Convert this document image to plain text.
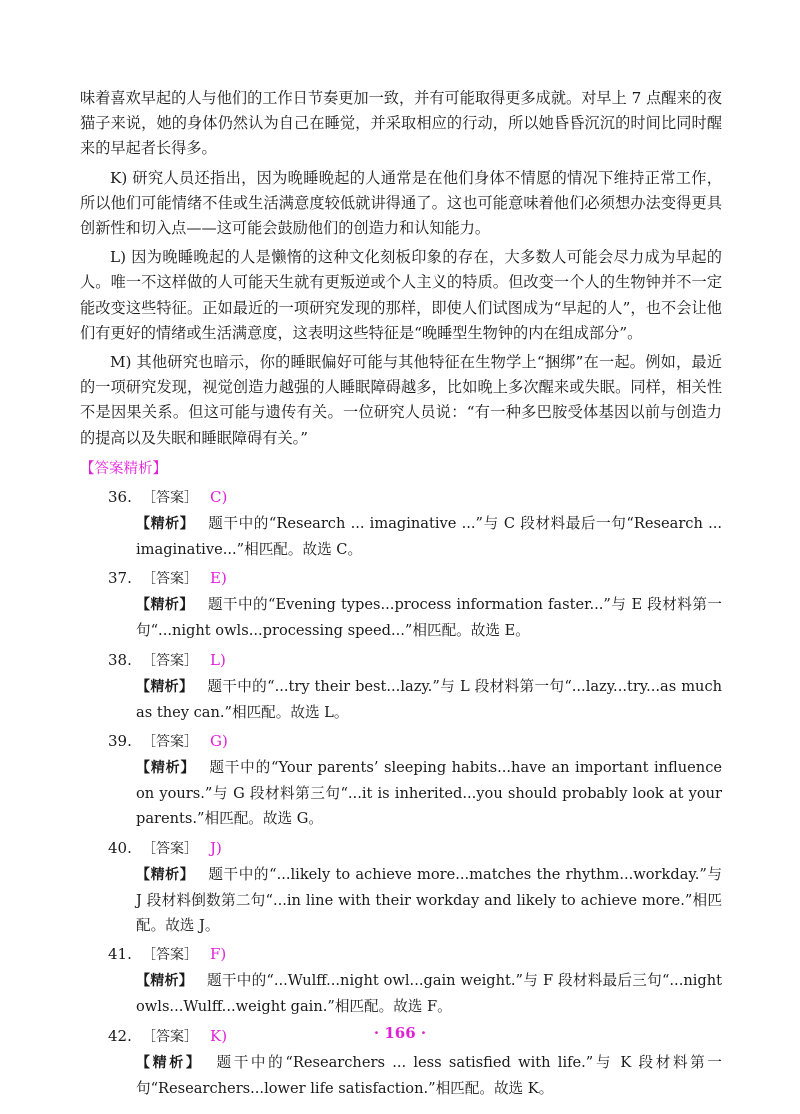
味着喜欢早起的人与他们的工作日节奏更加一致，并有可能取得更多成就。对早上 7 点醒来的夜猫子来说，她的身体仍然认为自己在睡觉，并采取相应的行动，所以她昏昏沉沉的时间比同时醒来的早起者长得多。

K) 研究人员还指出，因为晚睡晚起的人通常是在他们身体不情愿的情况下维持正常工作，所以他们可能情绪不佳或生活满意度较低就讲得通了。这也可能意味着他们必须想办法变得更具创新性和切入点——这可能会鼓励他们的创造力和认知能力。

L) 因为晚睡晚起的人是懒惰的这种文化刻板印象的存在，大多数人可能会尽力成为早起的人。唯一不这样做的人可能天生就有更叛逆或个人主义的特质。但改变一个人的生物钟并不一定能改变这些特征。正如最近的一项研究发现的那样，即使人们试图成为“早起的人”，也不会让他们有更好的情绪或生活满意度，这表明这些特征是“晚睡型生物钟的内在组成部分”。

M) 其他研究也暗示，你的睡眠偏好可能与其他特征在生物学上“捆绑”在一起。例如，最近的一项研究发现，视觉创造力越强的人睡眠障碍越多，比如晚上多次醒来或失眠。同样，相关性不是因果关系。但这可能与遗传有关。一位研究人员说：“有一种多巴胺受体基因以前与创造力的提高以及失眠和睡眠障碍有关。”

【答案精析】
36. ［答案］ C)
【精析】 题干中的“Research ... imaginative ...”与 C 段材料最后一句“Research ... imaginative...”相匹配。故选 C。
37. ［答案］ E)
【精析】 题干中的“Evening types...process information faster...”与 E 段材料第一句“...night owls...processing speed...”相匹配。故选 E。
38. ［答案］ L)
【精析】 题干中的“...try their best...lazy.”与 L 段材料第一句“...lazy...try...as much as they can.”相匹配。故选 L。
39. ［答案］ G)
【精析】 题干中的“Your parents’ sleeping habits...have an important influence on yours.”与 G 段材料第三句“...it is inherited...you should probably look at your parents.”相匹配。故选 G。
40. ［答案］ J)
【精析】 题干中的“...likely to achieve more...matches the rhythm...workday.”与 J 段材料倒数第二句“...in line with their workday and likely to achieve more.”相匹配。故选 J。
41. ［答案］ F)
【精析】 题干中的“...Wulff...night owl...gain weight.”与 F 段材料最后三句“...night owls...Wulff...weight gain.”相匹配。故选 F。
42. ［答案］ K)
【精析】 题干中的“Researchers ... less satisfied with life.”与 K 段材料第一句“Researchers...lower life satisfaction.”相匹配。故选 K。
· 166 ·
